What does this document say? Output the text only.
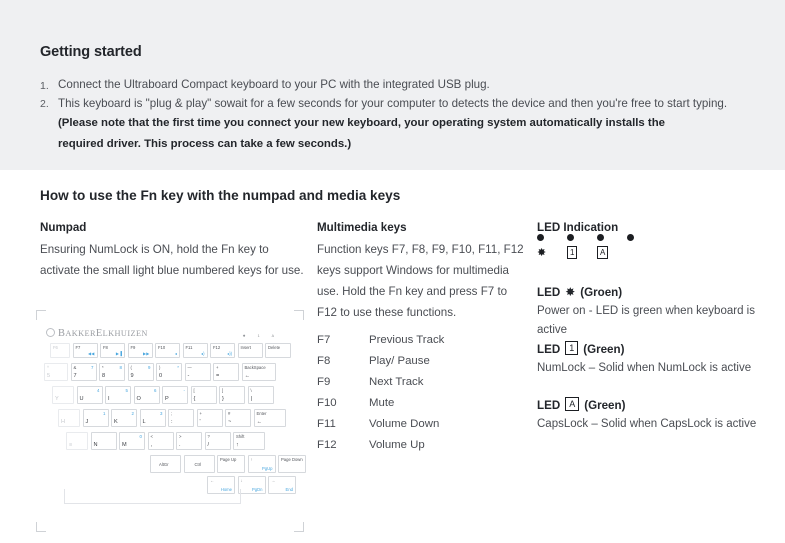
Getting started
1. Connect the Ultraboard Compact keyboard to your PC with the integrated USB plug.
2. This keyboard is "plug & play" sowait for a few seconds for your computer to detects the device and then you're free to start typing.
(Please note that the first time you connect your new keyboard, your operating system automatically installs the required driver. This process can take a few seconds.)
How to use the Fn key with the numpad and media keys
Numpad
Ensuring NumLock is ON, hold the Fn key to activate the small light blue numbered keys for use.
Multimedia keys
Function keys F7, F8, F9, F10, F11, F12 keys support Windows for multimedia use. Hold the Fn key and press F7 to F12 to use these functions.
F7	Previous Track
F8	Play/ Pause
F9	Next Track
F10	Mute
F11	Volume Down
F12	Volume Up
LED Indication
✸	1	A
LED ✸ (Groen)
Power on - LED is green when keyboard is active
LED	1 (Green)
NumLock – Solid when NumLock is active
LED	A (Green)
CapsLock – Solid when CapsLock is active
BAKKERELKHUIZEN	✸	1	A
F6	F7
◀◀
F8
▶▐
F9
▶▶
F10
◂
F11
◂)
F12
◂))
Insert	Delete
^
5
&
7
7 *
8
8 (
9
9 )
0
* —
-
+
=
BackSpace
←
Y	U
4
I
5
O
6
P
- [
{
]
}
\
|
H	J
1
K
2
L
3 ;
:
+
'
#
~
Enter
←
≡	N	M
0 <
,
>
.
?
/
Shift
↑
AltGr	Ctrl
Page Up	↑
PgUp
Page Down
←
Home
↓
PgDn
→
End
